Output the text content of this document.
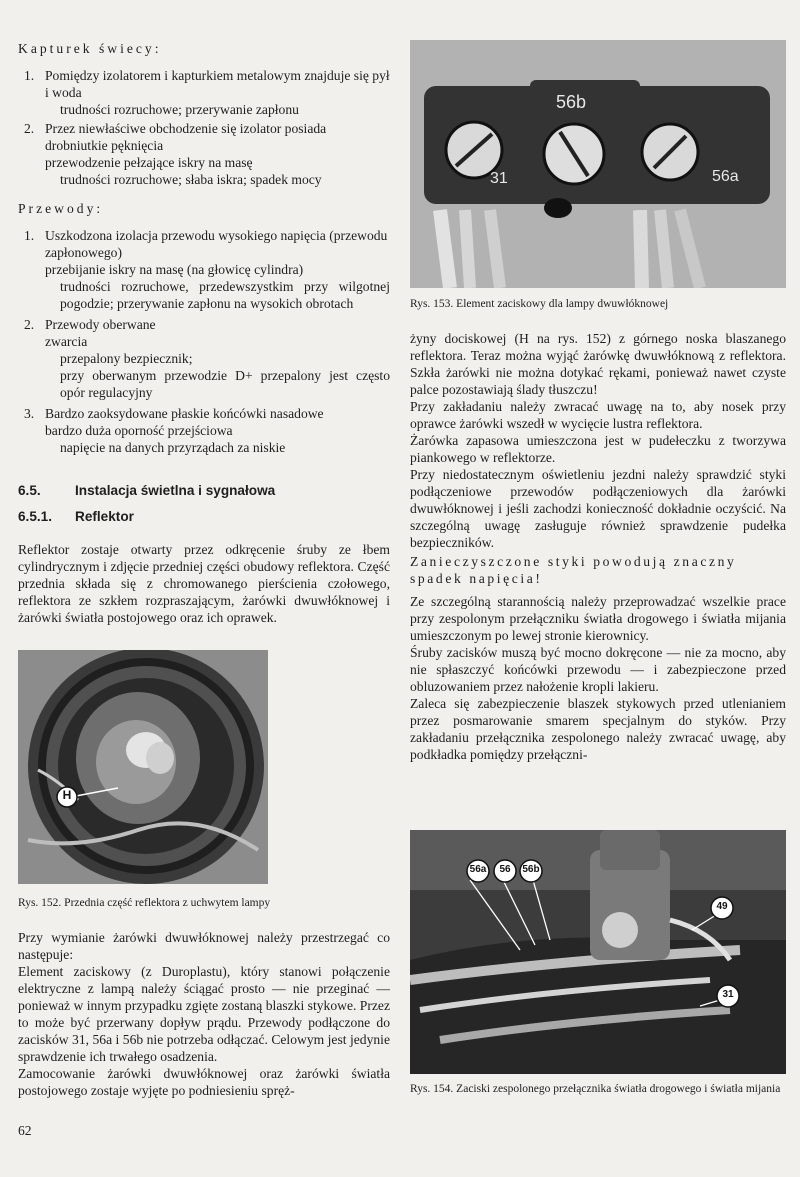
Kapturek świecy:
1. Pomiędzy izolatorem i kapturkiem metalowym znajduje się pył i woda
trudności rozruchowe; przerywanie zapłonu
2. Przez niewłaściwe obchodzenie się izolator posiada drobniutkie pęknięcia
przewodzenie pełzające iskry na masę
trudności rozruchowe; słaba iskra; spadek mocy
Przewody:
1. Uszkodzona izolacja przewodu wysokiego napięcia (przewodu zapłonowego)
przebijanie iskry na masę (na głowicę cylindra)
trudności rozruchowe, przedewszystkim przy wilgotnej pogodzie; przerywanie zapłonu na wysokich obrotach
2. Przewody oberwane
zwarcia
przepalony bezpiecznik;
przy oberwanym przewodzie D+ przepalony jest często opór regulacyjny
3. Bardzo zaoksydowane płaskie końcówki nasadowe
bardzo duża oporność przejściowa
napięcie na danych przyrządach za niskie
6.5.	Instalacja świetlna i sygnałowa
6.5.1. Reflektor

Reflektor zostaje otwarty przez odkręcenie śruby ze łbem cylindrycznym i zdjęcie przedniej części obudowy reflektora. Część przednia składa się z chromowanego pierścienia czołowego, reflektora ze szkłem rozpraszającym, żarówki dwuwłóknowej i żarówki światła postojowego oraz ich oprawek.

H
Rys. 152. Przednia część reflektora z uchwytem lampy

Przy wymianie żarówki dwuwłóknowej należy przestrzegać co następuje:

Element zaciskowy (z Duroplastu), który stanowi połączenie elektryczne z lampą należy ściągać prosto — nie przeginać — ponieważ w innym przypadku zgięte zostaną blaszki stykowe. Przez to może być przerwany dopływ prądu. Przewody podłączone do zacisków 31, 56a i 56b nie potrzeba odłączać. Celowym jest jedynie sprawdzenie ich trwałego osadzenia.

Zamocowanie żarówki dwuwłóknowej oraz żarówki światła postojowego zostaje wyjęte po podniesieniu spręż-

62
56b
31	56a
Rys. 153. Element zaciskowy dla lampy dwuwłóknowej

żyny dociskowej (H na rys. 152) z górnego noska blaszanego reflektora. Teraz można wyjąć żarówkę dwuwłóknową z reflektora. Szkła żarówki nie można dotykać rękami, ponieważ nawet czyste palce pozostawiają ślady tłuszczu!

Przy zakładaniu należy zwracać uwagę na to, aby nosek przy oprawce żarówki wszedł w wycięcie lustra reflektora.

Żarówka zapasowa umieszczona jest w pudełeczku z tworzywa piankowego w reflektorze.

Przy niedostatecznym oświetleniu jezdni należy sprawdzić styki podłączeniowe przewodów podłączeniowych dla żarówki dwuwłóknowej i jeśli zachodzi konieczność dokładnie oczyścić. Na szczególną uwagę zasługuje również sprawdzenie pudełka bezpieczników.

Zanieczyszczone styki powodują znaczny spadek napięcia!

Ze szczególną starannością należy przeprowadzać wszelkie prace przy zespolonym przełączniku światła drogowego i światła mijania umieszczonym po lewej stronie kierownicy.

Śruby zacisków muszą być mocno dokręcone — nie za mocno, aby nie spłaszczyć końcówki przewodu — i zabezpieczone przed obluzowaniem przez nałożenie kropli lakieru.

Zaleca się zabezpieczenie blaszek stykowych przed utlenianiem przez posmarowanie smarem specjalnym do styków. Przy zakładaniu przełącznika zespolonego należy zwracać uwagę, aby podkładka pomiędzy przełączni-

56a	56	56b
49
31
Rys. 154. Zaciski zespolonego przełącznika światła drogowego i światła mijania
